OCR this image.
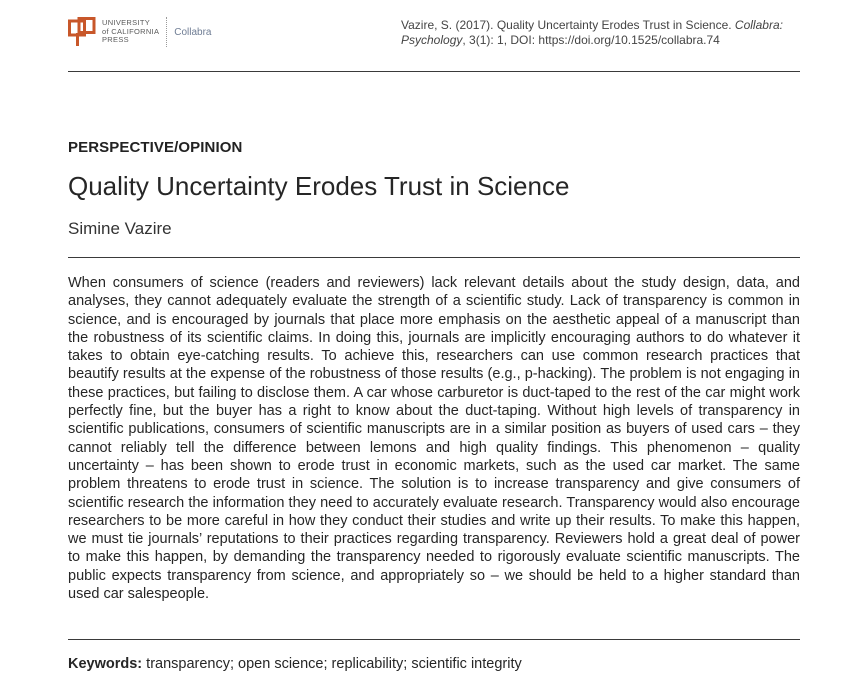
UNIVERSITY
of CALIFORNIA
PRESS
Collabra	Vazire, S. (2017). Quality Uncertainty Erodes Trust in Science. Collabra: Psychology, 3(1): 1, DOI: https://doi.org/10.1525/collabra.74
PERSPECTIVE/OPINION
Quality Uncertainty Erodes Trust in Science
Simine Vazire

When consumers of science (readers and reviewers) lack relevant details about the study design, data, and analyses, they cannot adequately evaluate the strength of a scientific study. Lack of transparency is common in science, and is encouraged by journals that place more emphasis on the aesthetic appeal of a manuscript than the robustness of its scientific claims. In doing this, journals are implicitly encouraging authors to do whatever it takes to obtain eye-catching results. To achieve this, researchers can use common research practices that beautify results at the expense of the robustness of those results (e.g., p-hacking). The problem is not engaging in these practices, but failing to disclose them. A car whose carburetor is duct-taped to the rest of the car might work perfectly fine, but the buyer has a right to know about the duct-taping. Without high levels of transparency in scientific publications, consumers of scientific manuscripts are in a similar position as buyers of used cars – they cannot reliably tell the difference between lemons and high quality findings. This phenomenon – quality uncertainty – has been shown to erode trust in economic markets, such as the used car market. The same problem threatens to erode trust in science. The solution is to increase transparency and give consumers of scientific research the information they need to accurately evaluate research. Transparency would also encourage researchers to be more careful in how they conduct their studies and write up their results. To make this happen, we must tie journals’ reputations to their practices regarding transparency. Reviewers hold a great deal of power to make this happen, by demanding the transparency needed to rigorously evaluate scientific manuscripts. The public expects transparency from science, and appropriately so – we should be held to a higher standard than used car salespeople.

Keywords: transparency; open science; replicability; scientific integrity
